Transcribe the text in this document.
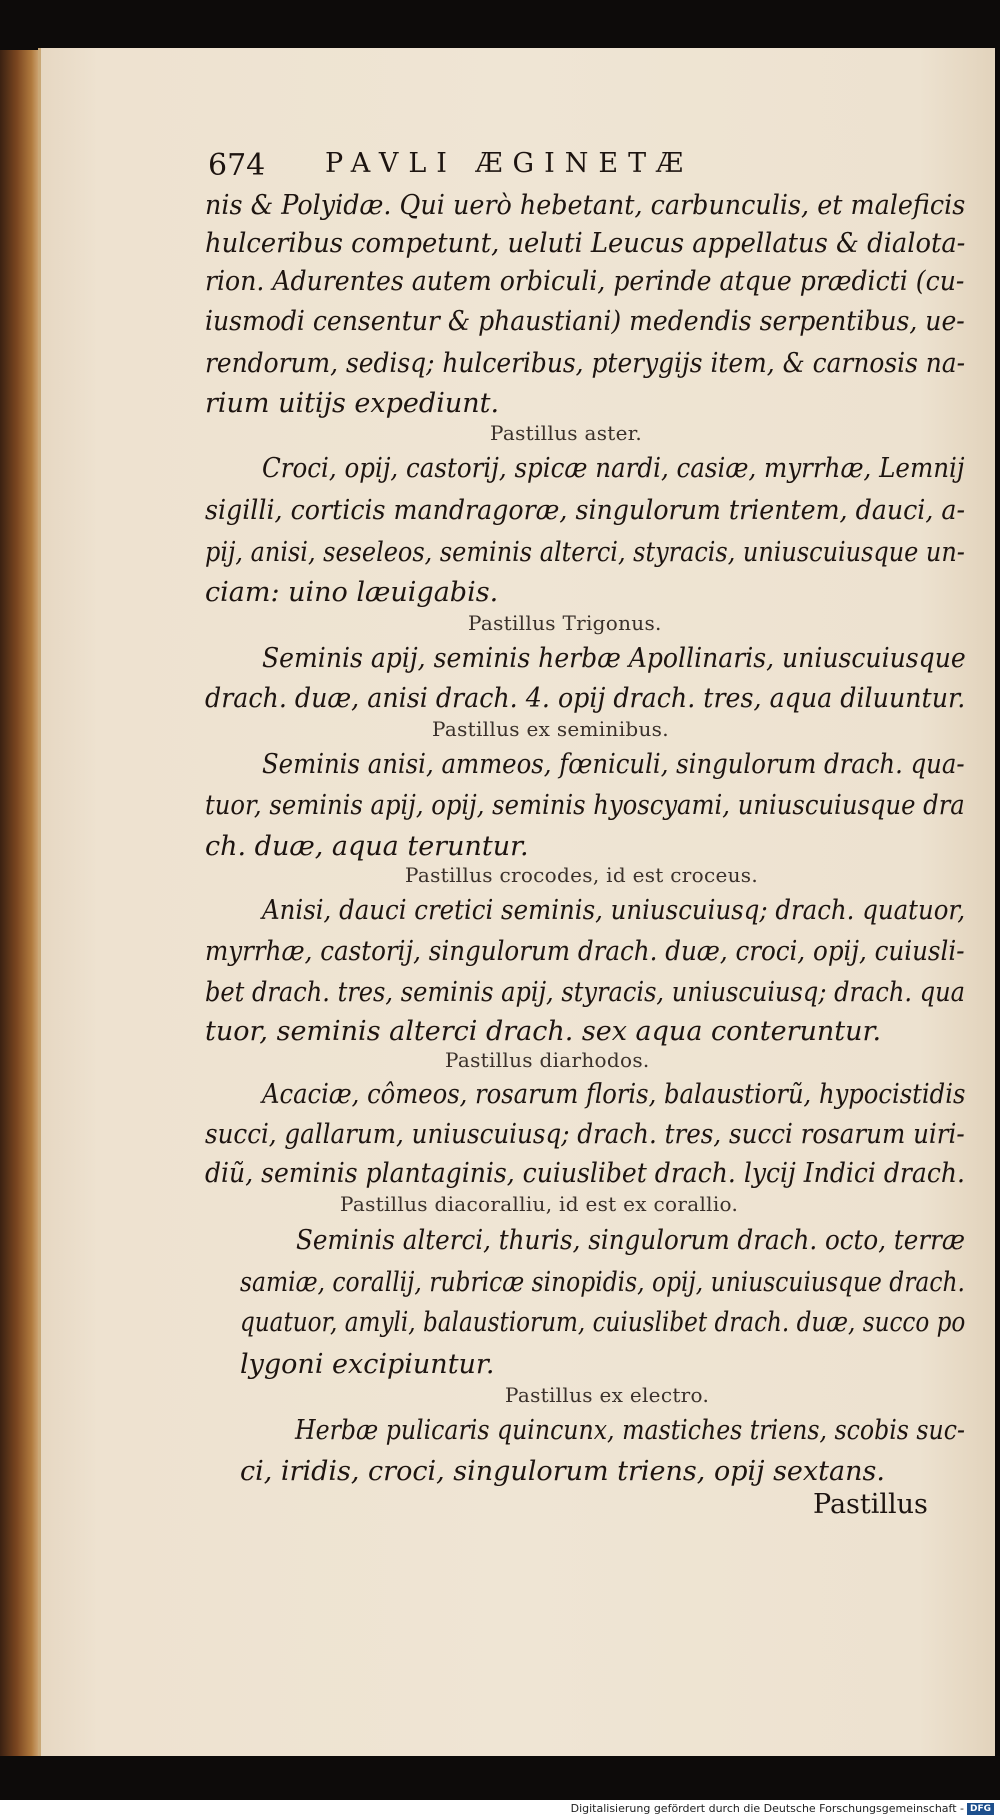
674 PAVLI ÆGINETÆ
nis & Polyidæ. Qui uerò hebetant, carbunculis, et maleficis
hulceribus competunt, ueluti Leucus appellatus & dialota-
rion. Adurentes autem orbiculi, perinde atque prædicti (cu-
iusmodi censentur & phaustiani) medendis serpentibus, ue-
rendorum, sedisq; hulceribus, pterygijs item, & carnosis na-
rium uitijs expediunt.
Pastillus aster.
Croci, opij, castorij, spicæ nardi, casiæ, myrrhæ, Lemnij
sigilli, corticis mandragoræ, singulorum trientem, dauci, a-
pij, anisi, seseleos, seminis alterci, styracis, uniuscuiusque un-
ciam: uino læuigabis.
Pastillus Trigonus.
Seminis apij, seminis herbæ Apollinaris, uniuscuiusque
drach. duæ, anisi drach. 4. opij drach. tres, aqua diluuntur.
Pastillus ex seminibus.
Seminis anisi, ammeos, fœniculi, singulorum drach. qua-
tuor, seminis apij, opij, seminis hyoscyami, uniuscuiusque dra
ch. duæ, aqua teruntur.
Pastillus crocodes, id est croceus.
Anisi, dauci cretici seminis, uniuscuiusq; drach. quatuor,
myrrhæ, castorij, singulorum drach. duæ, croci, opij, cuiusli-
bet drach. tres, seminis apij, styracis, uniuscuiusq; drach. qua
tuor, seminis alterci drach. sex aqua conteruntur.
Pastillus diarhodos.
Acaciæ, cômeos, rosarum floris, balaustiorũ, hypocistidis
succi, gallarum, uniuscuiusq; drach. tres, succi rosarum uiri-
diũ, seminis plantaginis, cuiuslibet drach. lycij Indici drach.
Pastillus diacoralliu, id est ex corallio.
Seminis alterci, thuris, singulorum drach. octo, terræ
samiæ, corallij, rubricæ sinopidis, opij, uniuscuiusque drach.
quatuor, amyli, balaustiorum, cuiuslibet drach. duæ, succo po
lygoni excipiuntur.
Pastillus ex electro.
Herbæ pulicaris quincunx, mastiches triens, scobis suc-
ci, iridis, croci, singulorum triens, opij sextans.
Pastillus
Digitalisierung gefördert durch die Deutsche Forschungsgemeinschaft - DFG
